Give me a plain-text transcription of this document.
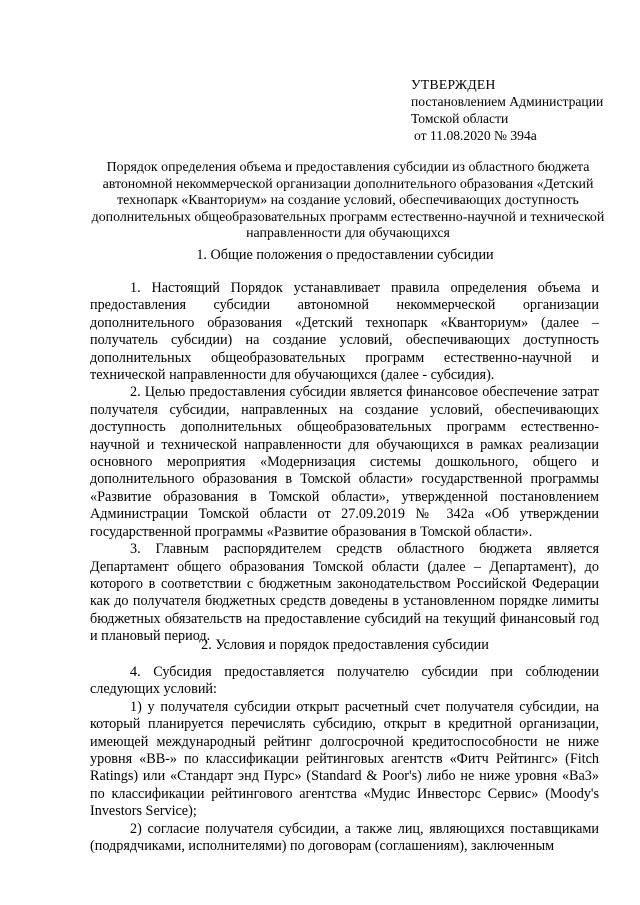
УТВЕРЖДЕН
постановлением Администрации
Томской области
от 11.08.2020 № 394а
Порядок определения объема и предоставления субсидии из областного бюджета автономной некоммерческой организации дополнительного образования «Детский технопарк «Кванториум» на создание условий, обеспечивающих доступность дополнительных общеобразовательных программ естественно-научной и технической направленности для обучающихся
1. Общие положения о предоставлении субсидии

1. Настоящий Порядок устанавливает правила определения объема и предоставления субсидии автономной некоммерческой организации дополнительного образования «Детский технопарк «Кванториум» (далее – получатель субсидии) на создание условий, обеспечивающих доступность дополнительных общеобразовательных программ естественно-научной и технической направленности для обучающихся (далее - субсидия).

2. Целью предоставления субсидии является финансовое обеспечение затрат получателя субсидии, направленных на создание условий, обеспечивающих доступность дополнительных общеобразовательных программ естественно-научной и технической направленности для обучающихся в рамках реализации основного мероприятия «Модернизация системы дошкольного, общего и дополнительного образования в Томской области» государственной программы «Развитие образования в Томской области», утвержденной постановлением Администрации Томской области от 27.09.2019 № 342а «Об утверждении государственной программы «Развитие образования в Томской области».

3. Главным распорядителем средств областного бюджета является Департамент общего образования Томской области (далее – Департамент), до которого в соответствии с бюджетным законодательством Российской Федерации как до получателя бюджетных средств доведены в установленном порядке лимиты бюджетных обязательств на предоставление субсидий на текущий финансовый год и плановый период.

2. Условия и порядок предоставления субсидии

4. Субсидия предоставляется получателю субсидии при соблюдении следующих условий:

1) у получателя субсидии открыт расчетный счет получателя субсидии, на который планируется перечислять субсидию, открыт в кредитной организации, имеющей международный рейтинг долгосрочной кредитоспособности не ниже уровня «BB-» по классификации рейтинговых агентств «Фитч Рейтингс» (Fitch Ratings) или «Стандарт энд Пурс» (Standard & Poor's) либо не ниже уровня «Ba3» по классификации рейтингового агентства «Мудис Инвесторс Сервис» (Moody's Investors Service);

2) согласие получателя субсидии, а также лиц, являющихся поставщиками (подрядчиками, исполнителями) по договорам (соглашениям), заключенным
